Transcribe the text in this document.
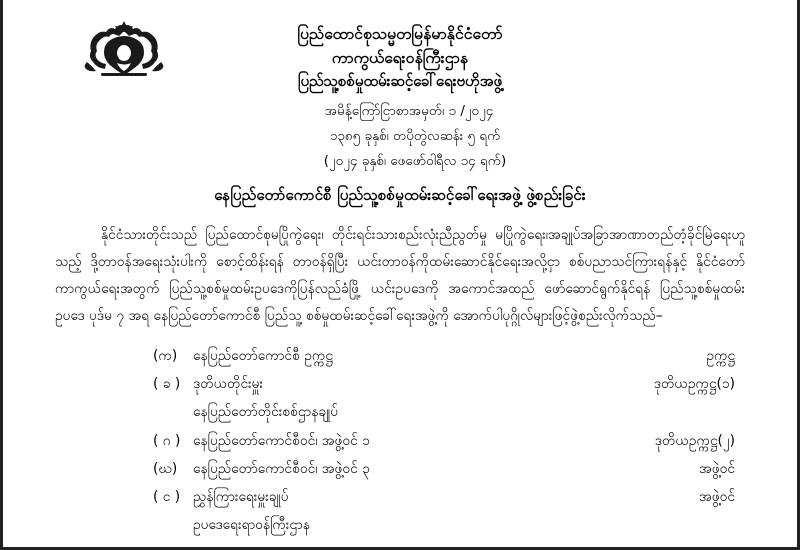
ပြည်ထောင်စုသမ္မတမြန်မာနိုင်ငံတော်
ကာကွယ်ရေးဝန်ကြီးဌာန
ပြည်သူ့စစ်မှုထမ်းဆင့်ခေါ်ရေးဗဟိုအဖွဲ့
အမိန့်ကြော်ငြာစာအမှတ်၊ ၁ /၂၀၂၄
၁၃၈၅ ခုနှစ်၊ တပိုတွဲလဆန်း ၅ ရက်
(၂၀၂၄ ခုနှစ်၊ ဖေဖော်ဝါရီလ ၁၄ ရက်)
နေပြည်တော်ကောင်စီ ပြည်သူ့စစ်မှုထမ်းဆင့်ခေါ်ရေးအဖွဲ့ ဖွဲ့စည်းခြင်း
နိုင်ငံသားတိုင်းသည် ပြည်ထောင်စုမပြိုကွဲရေး၊ တိုင်းရင်းသားစည်းလုံးညီညွတ်မှု မပြိုကွဲရေး၊အချုပ်အခြာအာဏာတည်တံ့ခိုင်မြဲရေးဟူသည့် ဒို့တာဝန်အရေးသုံးပါးကို စောင့်ထိန်းရန် တာဝန်ရှိပြီး ယင်းတာဝန်ကိုထမ်းဆောင်နိုင်ရေးအလို့ငှာ စစ်ပညာသင်ကြားရန်နှင့် နိုင်ငံတော် ကာကွယ်ရေးအတွက် ပြည်သူ့စစ်မှုထမ်းဥပဒေကိုပြန်လည်ခံဖြို့ ယင်းဥပဒေကို အကောင်အထည် ဖော်ဆောင်ရွက်နိုင်ရန် ပြည်သူ့စစ်မှုထမ်းဥပဒေ ပုဒ်မ ၇ အရ နေပြည်တော်ကောင်စီ ပြည်သူ့ စစ်မှုထမ်းဆင့်ခေါ်ရေးအဖွဲ့ကို အောက်ပါပုဂ္ဂိုလ်များဖြင့်ဖွဲ့စည်းလိုက်သည်–
(က)	နေပြည်တော်ကောင်စီ ဥက္ကဋ္ဌ	ဥက္ကဋ္ဌ
( ခ ) ဒုတိယတိုင်းမှူး	ဒုတိယဥက္ကဋ္ဌ(၁)
နေပြည်တော်တိုင်းစစ်ဌာနချုပ်
( ဂ ) နေပြည်တော်ကောင်စီဝင်၊ အဖွဲ့ဝင် ၁	ဒုတိယဥက္ကဋ္ဌ(၂)
(ဃ)	နေပြည်တော်ကောင်စီဝင်၊ အဖွဲ့ဝင် ၃	အဖွဲ့ဝင်
( င ) ညွှန်ကြားရေးမှူးချုပ်	အဖွဲ့ဝင်
ဥပဒေရေးရာဝန်ကြီးဌာန
